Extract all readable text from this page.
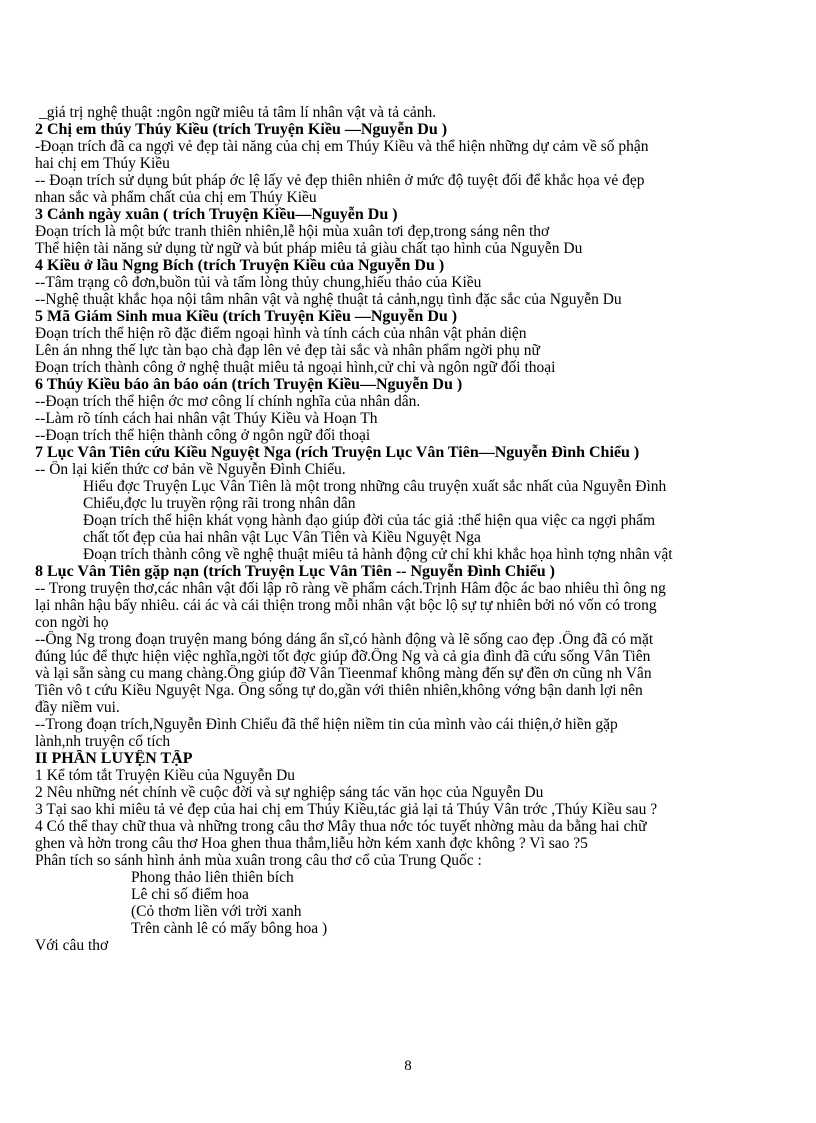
_giá trị nghệ thuật :ngôn ngữ miêu tả tâm lí nhân vật và tả cảnh.
2 Chị em thúy Thúy Kiều (trích Truyện Kiều —Nguyễn Du )
-Đoạn trích đã ca ngợi vẻ đẹp tài năng của chị em Thúy Kiều và thể hiện những dự cảm về số phận
hai chị em Thúy Kiều
-- Đoạn trích sử dụng bút pháp ớc lệ lấy vẻ đẹp thiên nhiên ở mức độ tuyệt đối để khắc họa vẻ đẹp
nhan sắc và phẩm chất của chị em Thúy Kiều
3 Cảnh ngày xuân ( trích Truyện Kiều—Nguyễn Du )
Đoạn trích là một bức tranh thiên nhiên,lễ hội mùa xuân tơi đẹp,trong sáng nên thơ
Thể hiện tài năng sử dụng từ ngữ và bút pháp miêu tả giàu chất tạo hình của Nguyễn Du
4 Kiều ở lầu Ngng Bích (trích Truyện Kiều của Nguyễn Du )
--Tâm trạng cô đơn,buồn tủi và tấm lòng thủy chung,hiếu thảo của Kiều
--Nghệ thuật khắc họa nội tâm nhân vật và nghệ thuật tả cảnh,ngụ tình đặc sắc của Nguyễn Du
5 Mã Giám Sinh mua Kiều (trích Truyện Kiều —Nguyễn Du )
Đoạn trích thể hiện rõ đặc điểm ngoại hình và tính cách của nhân vật phản diện
Lên án nhng thế lực tàn bạo chà đạp lên vẻ đẹp tài sắc và nhân phẩm ngời phụ nữ
Đoạn trích thành công ở nghệ thuật miêu tả ngoại hình,cử chỉ và ngôn ngữ đối thoại
6 Thúy Kiều báo ân báo oán (trích Truyện Kiều—Nguyễn Du )
--Đoạn trích thể hiện ớc mơ công lí chính nghĩa của nhân dân.
--Làm rõ tính cách hai nhân vật Thúy Kiều và Hoạn Th
--Đoạn trích thể hiện thành công ở ngôn ngữ đối thoại
7 Lục Vân Tiên cứu Kiều Nguyệt Nga (rích Truyện Lục Vân Tiên—Nguyễn Đình Chiểu )
-- Ôn lại kiến thức cơ bản về Nguyễn Đình Chiểu.
Hiểu đợc Truyện Lục Vân Tiên là một trong những câu truyện xuất sắc nhất của Nguyễn Đình
Chiểu,đợc lu truyền rộng rãi trong nhân dân
Đoạn trích thể hiện khát vọng hành đạo giúp đời của tác giả :thể hiện qua việc ca ngợi phẩm
chất tốt đẹp của hai nhân vật Lục Vân Tiên và Kiều Nguyệt Nga
Đoạn trích thành công về nghệ thuật miêu tả hành động cử chỉ khi khắc họa hình tợng nhân vật
8 Lục Vân Tiên gặp nạn (trích Truyện Lục Vân Tiên -- Nguyễn Đình Chiểu )
-- Trong truyện thơ,các nhân vật đối lập rõ ràng về phẩm cách.Trịnh Hâm độc ác bao nhiêu thì ông ng
lại nhân hậu bấy nhiêu. cái ác và cái thiện trong mỗi nhân vật bộc lộ sự tự nhiên bởi nó vốn có trong
con ngời họ
--Ông Ng trong đoạn truyện mang bóng dáng ẩn sĩ,có hành động và lẽ sống cao đẹp .Ông đã có mặt
đúng lúc để thực hiện việc nghĩa,ngời tốt đợc giúp đỡ.Ông Ng và cả gia đình đã cứu sống Vân Tiên
và lại sẵn sàng cu mang chàng.Ông giúp đỡ Vân Tieenmaf không màng đến sự đền ơn cũng nh Vân
Tiên vô t cứu Kiều Nguyệt Nga. Ông sống tự do,gần với thiên nhiên,không vớng bận danh lợi nên
đầy niềm vui.
--Trong đoạn trích,Nguyễn Đình Chiểu đã thể hiện niềm tin của mình vào cái thiện,ở hiền gặp
lành,nh truyện cổ tích
II PHẦN LUYỆN TẬP
1 Kể tóm tắt Truyện Kiều của Nguyễn Du
2 Nêu những nét chính về cuộc đời và sự nghiệp sáng tác văn học của Nguyễn Du
3 Tại sao khi miêu tả vẻ đẹp của hai chị em Thúy Kiều,tác giả lại tả Thúy Vân trớc ,Thúy Kiều sau ?
4 Có thể thay chữ thua và những trong câu thơ Mây thua nớc tóc tuyết nhờng màu da bằng hai chữ
ghen và hờn trong câu thơ Hoa ghen thua thắm,liễu hờn kém xanh đợc không ? Vì sao ?5
Phân tích so sánh hình ảnh mùa xuân trong câu thơ cổ của Trung Quốc :
Phong thảo liên thiên bích
Lê chi số điểm hoa
(Cỏ thơm liền với trời xanh
Trên cành lê có mấy bông hoa )
Với câu thơ
8
